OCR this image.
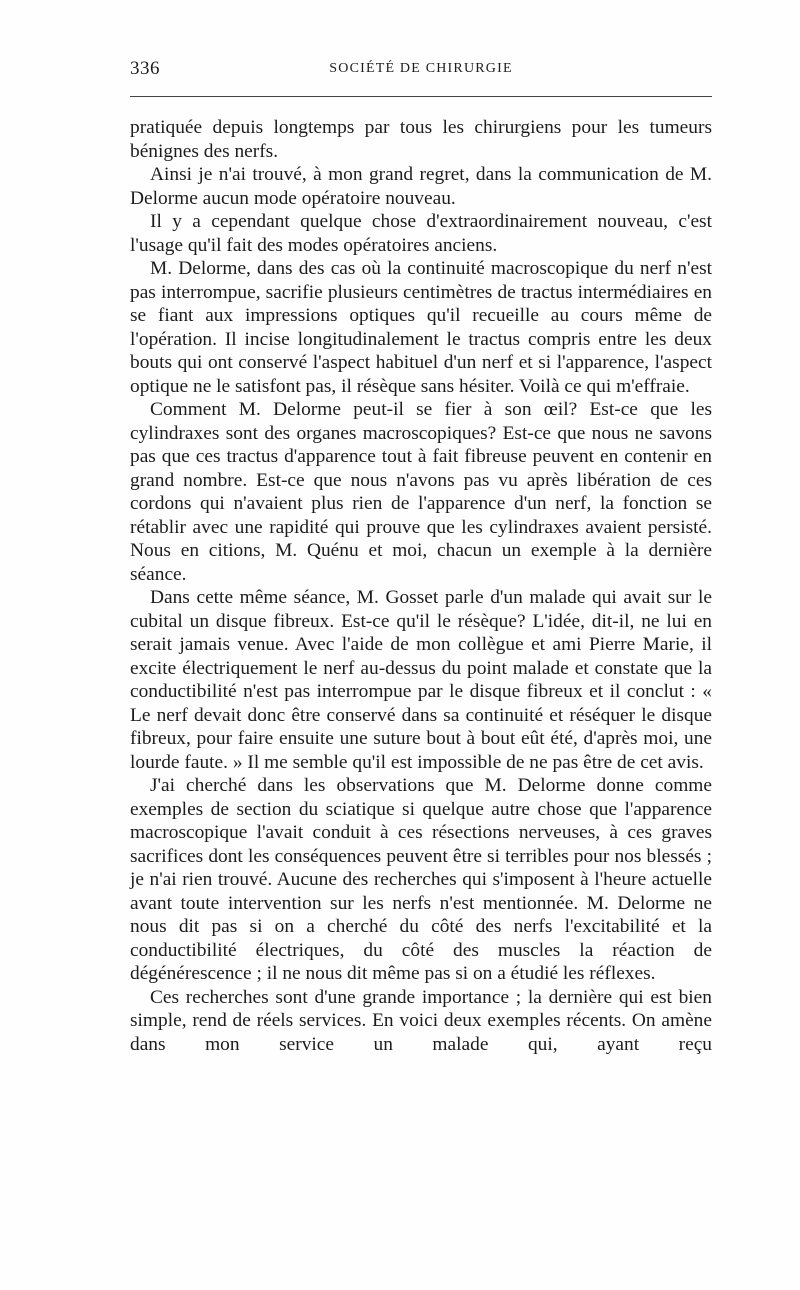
336	SOCIÉTÉ DE CHIRURGIE

pratiquée depuis longtemps par tous les chirurgiens pour les tumeurs bénignes des nerfs.

Ainsi je n'ai trouvé, à mon grand regret, dans la communication de M. Delorme aucun mode opératoire nouveau.

Il y a cependant quelque chose d'extraordinairement nouveau, c'est l'usage qu'il fait des modes opératoires anciens.

M. Delorme, dans des cas où la continuité macroscopique du nerf n'est pas interrompue, sacrifie plusieurs centimètres de tractus intermédiaires en se fiant aux impressions optiques qu'il recueille au cours même de l'opération. Il incise longitudinalement le tractus compris entre les deux bouts qui ont conservé l'aspect habituel d'un nerf et si l'apparence, l'aspect optique ne le satisfont pas, il résèque sans hésiter. Voilà ce qui m'effraie.

Comment M. Delorme peut-il se fier à son œil? Est-ce que les cylindraxes sont des organes macroscopiques? Est-ce que nous ne savons pas que ces tractus d'apparence tout à fait fibreuse peuvent en contenir en grand nombre. Est-ce que nous n'avons pas vu après libération de ces cordons qui n'avaient plus rien de l'apparence d'un nerf, la fonction se rétablir avec une rapidité qui prouve que les cylindraxes avaient persisté. Nous en citions, M. Quénu et moi, chacun un exemple à la dernière séance.

Dans cette même séance, M. Gosset parle d'un malade qui avait sur le cubital un disque fibreux. Est-ce qu'il le résèque? L'idée, dit-il, ne lui en serait jamais venue. Avec l'aide de mon collègue et ami Pierre Marie, il excite électriquement le nerf au-dessus du point malade et constate que la conductibilité n'est pas interrompue par le disque fibreux et il conclut : « Le nerf devait donc être conservé dans sa continuité et réséquer le disque fibreux, pour faire ensuite une suture bout à bout eût été, d'après moi, une lourde faute. » Il me semble qu'il est impossible de ne pas être de cet avis.

J'ai cherché dans les observations que M. Delorme donne comme exemples de section du sciatique si quelque autre chose que l'apparence macroscopique l'avait conduit à ces résections nerveuses, à ces graves sacrifices dont les conséquences peuvent être si terribles pour nos blessés ; je n'ai rien trouvé. Aucune des recherches qui s'imposent à l'heure actuelle avant toute intervention sur les nerfs n'est mentionnée. M. Delorme ne nous dit pas si on a cherché du côté des nerfs l'excitabilité et la conductibilité électriques, du côté des muscles la réaction de dégénérescence ; il ne nous dit même pas si on a étudié les réflexes.

Ces recherches sont d'une grande importance ; la dernière qui est bien simple, rend de réels services. En voici deux exemples récents. On amène dans mon service un malade qui, ayant reçu
